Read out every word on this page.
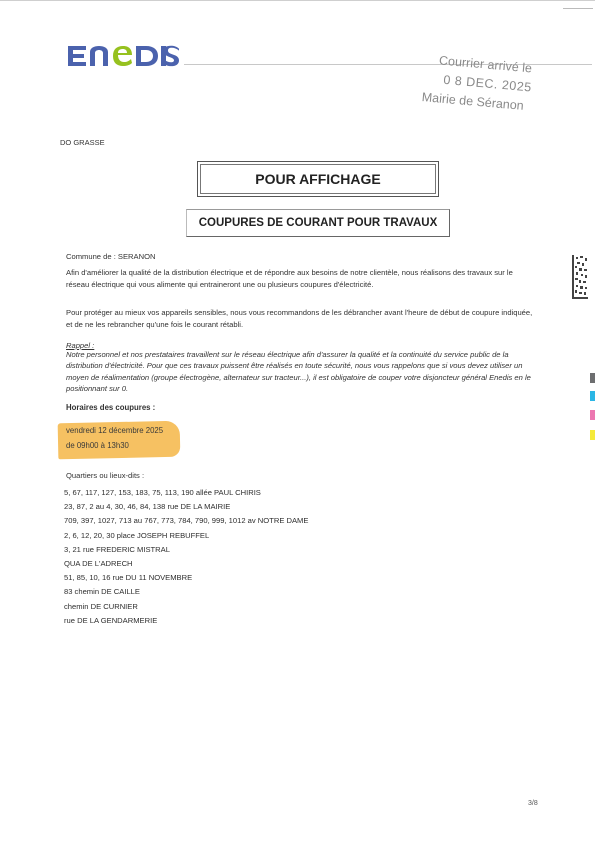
Courrier arrivé le
0 8 DEC. 2025
Mairie de Séranon
DO GRASSE
POUR AFFICHAGE
COUPURES DE COURANT POUR TRAVAUX
Commune de : SERANON
Afin d'améliorer la qualité de la distribution électrique et de répondre aux besoins de notre clientèle, nous réalisons des travaux sur le réseau électrique qui vous alimente qui entraineront une ou plusieurs coupures d'électricité.
Pour protéger au mieux vos appareils sensibles, nous vous recommandons de les débrancher avant l'heure de début de coupure indiquée, et de ne les rebrancher qu'une fois le courant rétabli.
Rappel :
Notre personnel et nos prestataires travaillent sur le réseau électrique afin d'assurer la qualité et la continuité du service public de la distribution d'électricité. Pour que ces travaux puissent être réalisés en toute sécurité, nous vous rappelons que si vous devez utiliser un moyen de réalimentation (groupe électrogène, alternateur sur tracteur...), il est obligatoire de couper votre disjoncteur général Enedis en le positionnant sur 0.
Horaires des coupures :
vendredi 12 décembre 2025
de 09h00 à 13h30
Quartiers ou lieux-dits :
5, 67, 117, 127, 153, 183, 75, 113, 190 allée PAUL CHIRIS
23, 87, 2 au 4, 30, 46, 84, 138 rue DE LA MAIRIE
709, 397, 1027, 713 au 767, 773, 784, 790, 999, 1012 av NOTRE DAME
2, 6, 12, 20, 30 place JOSEPH REBUFFEL
3, 21 rue FREDERIC MISTRAL
QUA DE L'ADRECH
51, 85, 10, 16 rue DU 11 NOVEMBRE
83 chemin DE CAILLE
chemin DE CURNIER
rue DE LA GENDARMERIE
3/8
